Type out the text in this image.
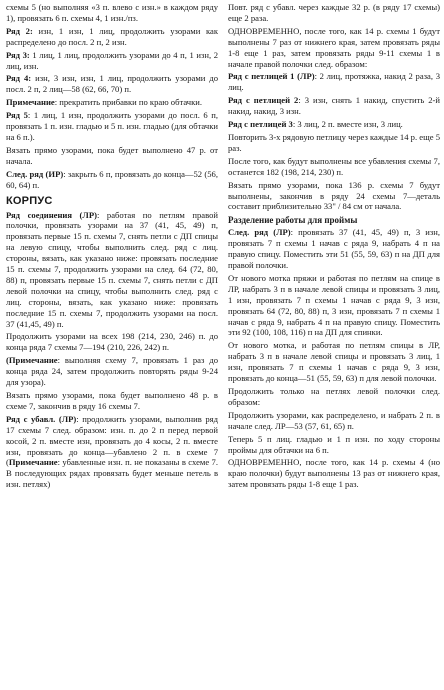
схемы 5 (но выполняя «3 п. влево с изн.» в каждом ряду 1), провязать 6 п. схемы 4, 1 изн./пз.

Ряд 2: изн, 1 изн, 1 лиц, продолжить узорами как распределено до посл. 2 п, 2 изн.

Ряд 3: 1 лиц, 1 лиц, продолжить узорами до 4 п, 1 изн, 2 лиц, изн.

Ряд 4: изн, 3 изн, изн, 1 лиц, продолжить узорами до посл. 2 п, 2 лиц—58 (62, 66, 70) п.

Примечание: прекратить прибавки по краю обтачки.

Ряд 5: 1 лиц, 1 изн, продолжить узорами до посл. 6 п, провязать 1 п. изн. гладью и 5 п. изн. гладью (для обтачки на 6 п.).

Вязать прямо узорами, пока будет выполнено 47 р. от начала.

След. ряд (ИР): закрыть 6 п, провязать до конца—52 (56, 60, 64) п.

КОРПУС

Ряд соединения (ЛР): работая по петлям правой полочки, провязать узорами на 37 (41, 45, 49) п, провязать первые 15 п. схемы 7, снять петли с ДП спицы на левую спицу, чтобы выполнить след. ряд с лиц. стороны, вязать, как указано ниже: провязать последние 15 п. схемы 7, продолжить узорами на след. 64 (72, 80, 88) п, провязать первые 15 п. схемы 7, снять петли с ДП левой полочки на спицу, чтобы выполнить след. ряд с лиц. стороны, вязать, как указано ниже: провязать последние 15 п. схемы 7, продолжить узорами на посл. 37 (41,45, 49) п.

Продолжить узорами на всех 198 (214, 230, 246) п. до конца ряда 7 схемы 7—194 (210, 226, 242) п.

(Примечание: выполняя схему 7, провязать 1 раз до конца ряда 24, затем продолжить повторять ряды 9-24 для узора).

Вязать прямо узорами, пока будет выполнено 48 р. в схеме 7, закончив в ряду 16 схемы 7.

Ряд с убавл. (ЛР): продолжить узорами, выполнив ряд 17 схемы 7 след. образом: изн. п. до 2 п перед первой косой, 2 п. вместе изн, провязать до 4 косы, 2 п. вместе изн, провязать до конца—убавлено 2 п. в схеме 7 (Примечание: убавленные изн. п. не показаны в схеме 7. В последующих рядах провязать будет меньше петель в изн. петлях)

Повт. ряд с убавл. через каждые 32 р. (в ряду 17 схемы) еще 2 раза.

ОДНОВРЕМЕННО, после того, как 14 р. схемы 1 будут выполнены 7 раз от нижнего края, затем провязать ряды 1-8 еще 1 раз, затем провязать ряды 9-11 схемы 1 в начале правой полочки след. образом:

Ряд с петлицей 1 (ЛР): 2 лиц, протяжка, накид 2 раза, 3 лиц.

Ряд с петлицей 2: 3 изн, снять 1 накид, спустить 2-й накид, накид, 3 изн.

Ряд с петлицей 3: 3 лиц, 2 п. вместе изн, 3 лиц.

Повторить 3-х рядовую петлицу через каждые 14 р. еще 5 раз.

После того, как будут выполнены все убавления схемы 7, останется 182 (198, 214, 230) п.

Вязать прямо узорами, пока 136 р. схемы 7 будут выполнены, закончив в ряду 24 схемы 7—деталь составит приблизительно 33" / 84 см от начала.

Разделение работы для проймы

След. ряд (ЛР): провязать 37 (41, 45, 49) п, 3 изн, провязать 7 п схемы 1 начав с ряда 9, набрать 4 п на правую спицу. Поместить эти 51 (55, 59, 63) п на ДП для правой полочки.

От нового мотка пряжи и работая по петлям на спице в ЛР, набрать 3 п в начале левой спицы и провязать 3 лиц, 1 изн, провязать 7 п схемы 1 начав с ряда 9, 3 изн, провязать 64 (72, 80, 88) п, 3 изн, провязать 7 п схемы 1 начав с ряда 9, набрать 4 п на правую спицу. Поместить эти 92 (100, 108, 116) п на ДП для спинки.

От нового мотка, и работая по петлям спицы в ЛР, набрать 3 п в начале левой спицы и провязать 3 лиц, 1 изн, провязать 7 п схемы 1 начав с ряда 9, 3 изн, провязать до конца—51 (55, 59, 63) п для левой полочки.

Продолжить только на петлях левой полочки след. образом:

Продолжить узорами, как распределено, и набрать 2 п. в начале след. ЛР—53 (57, 61, 65) п.

Теперь 5 п лиц. гладью и 1 п изн. по ходу стороны проймы для обтачки на 6 п.

ОДНОВРЕМЕННО, после того, как 14 р. схемы 4 (но крaю полочки) будут выполнены 13 раз от нижнего края, затем провязать ряды 1-8 еще 1 раз.
